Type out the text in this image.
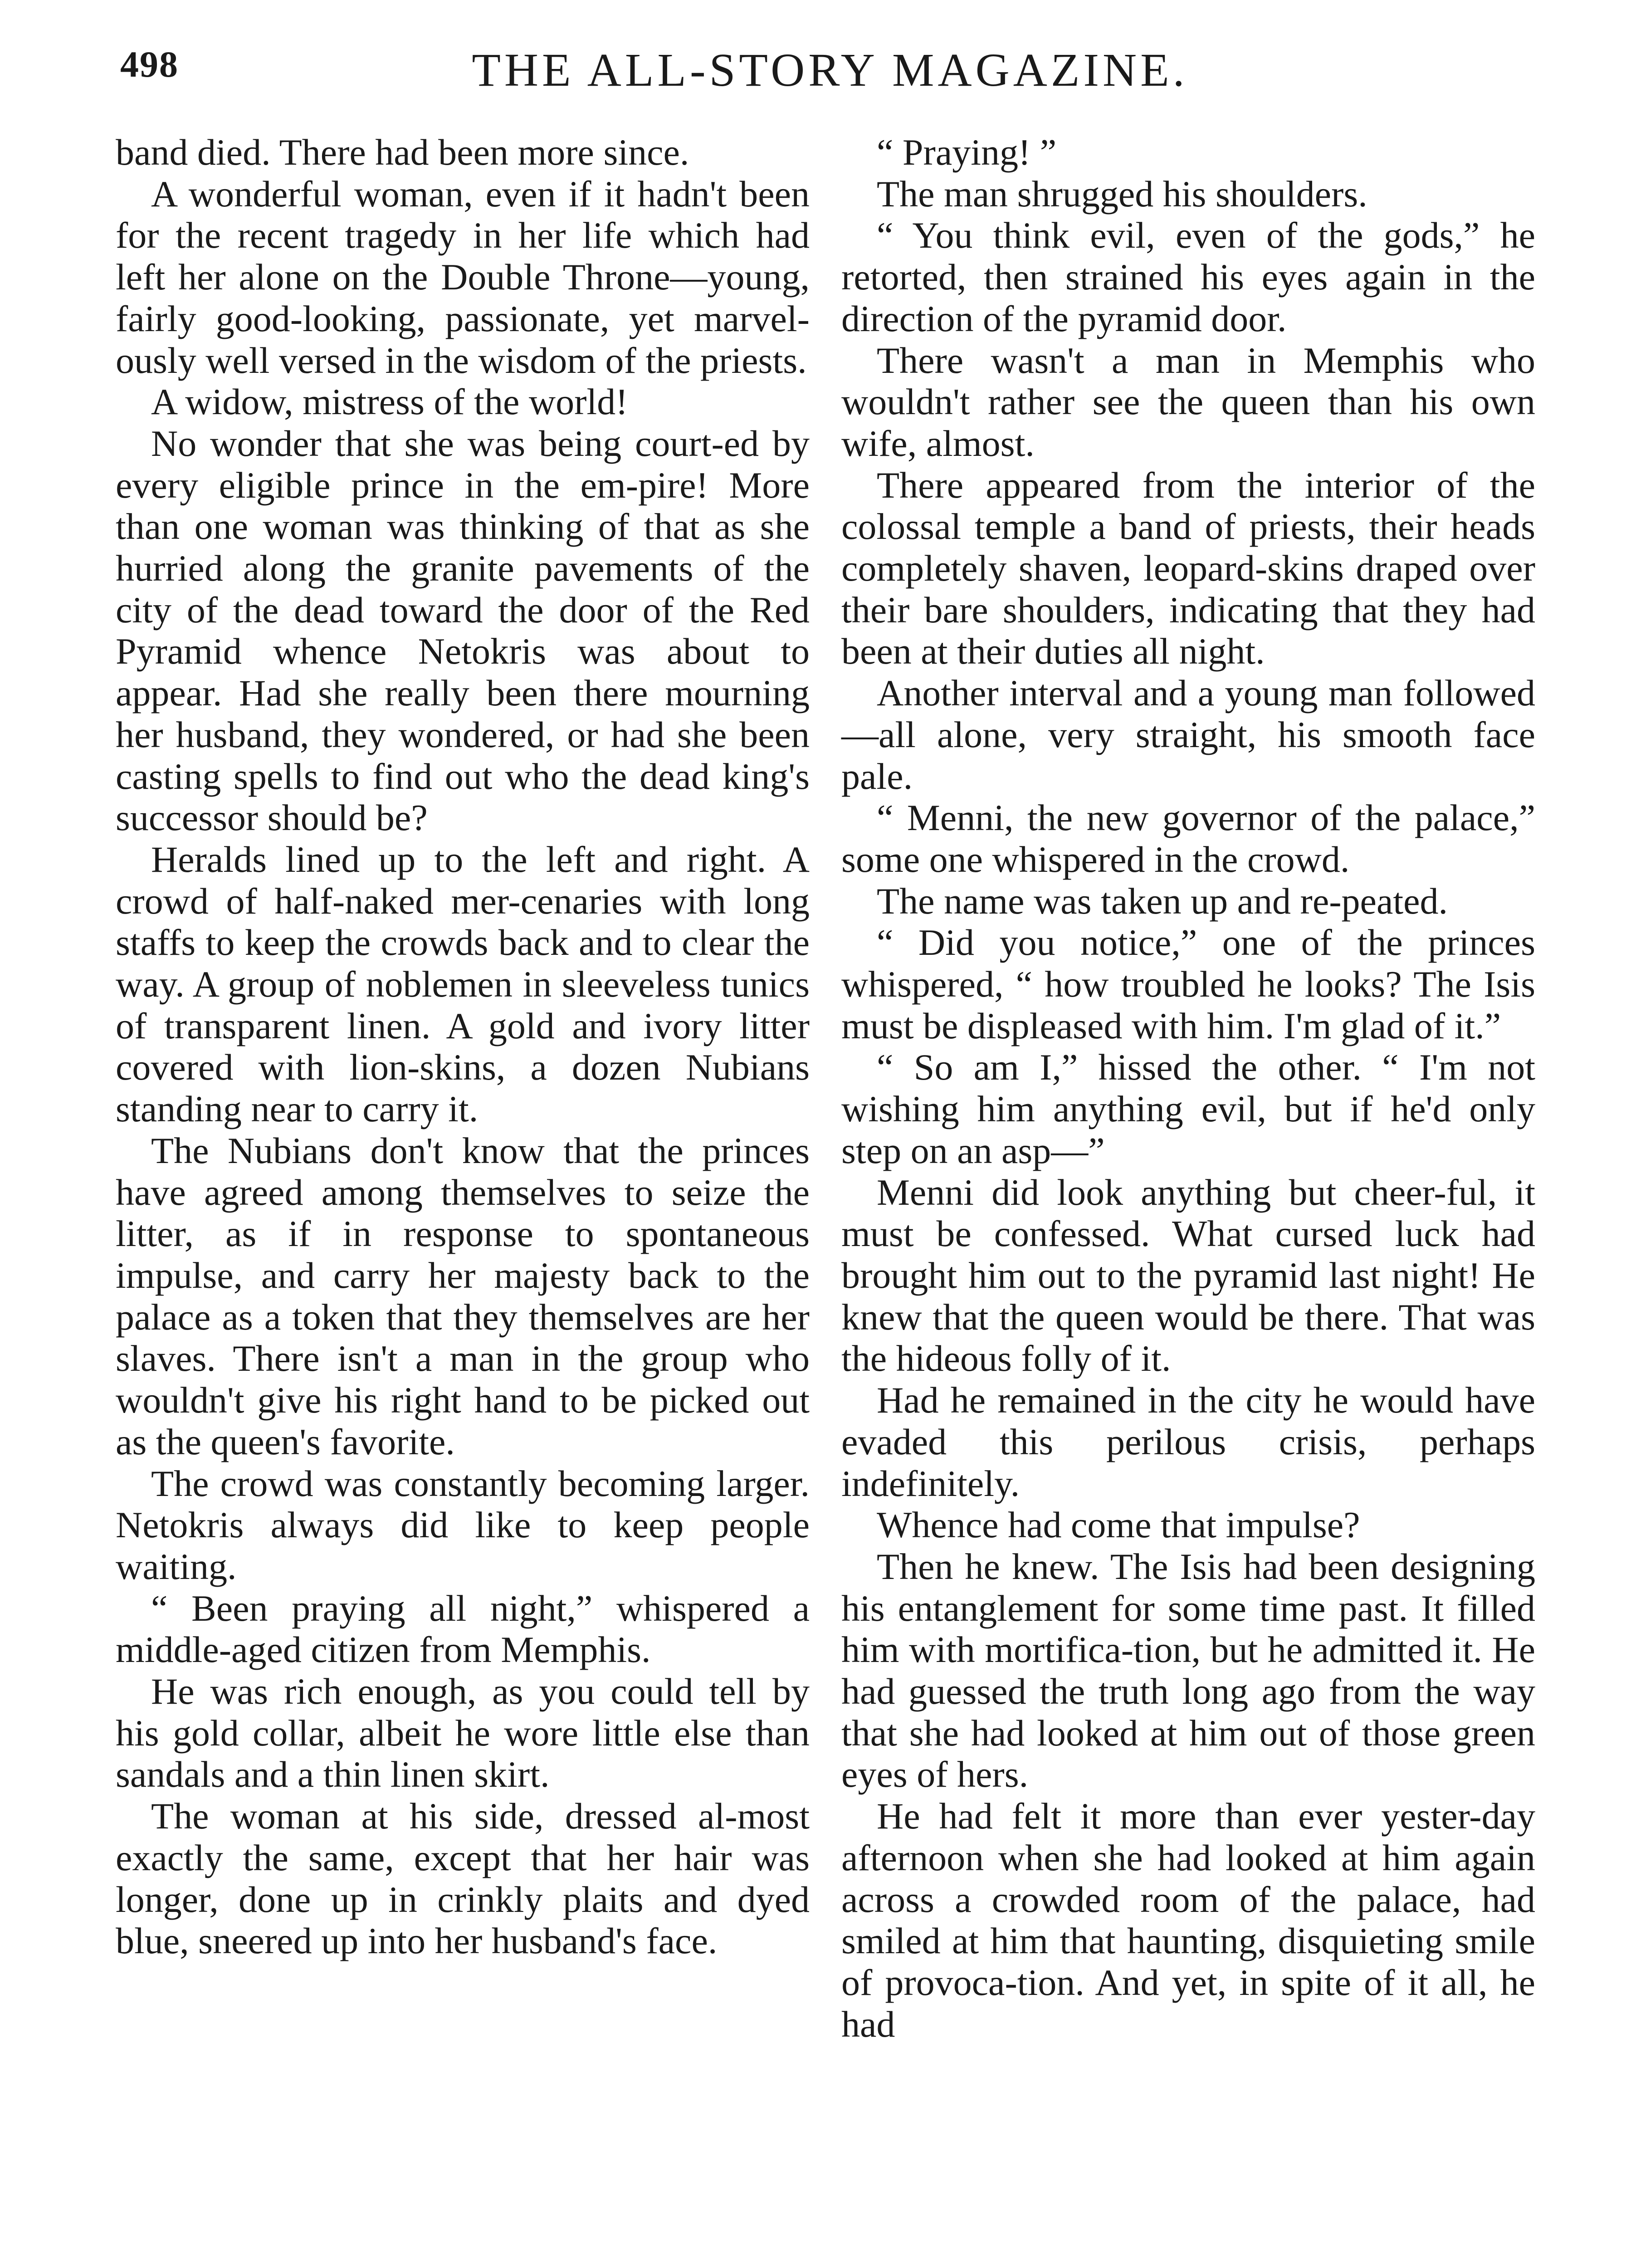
498	THE ALL-STORY MAGAZINE.

band died. There had been more since.

A wonderful woman, even if it hadn't been for the recent tragedy in her life which had left her alone on the Double Throne—young, fairly good-looking, passionate, yet marvel-ously well versed in the wisdom of the priests.

A widow, mistress of the world!

No wonder that she was being court-ed by every eligible prince in the em-pire! More than one woman was thinking of that as she hurried along the granite pavements of the city of the dead toward the door of the Red Pyramid whence Netokris was about to appear. Had she really been there mourning her husband, they wondered, or had she been casting spells to find out who the dead king's successor should be?

Heralds lined up to the left and right. A crowd of half-naked mer-cenaries with long staffs to keep the crowds back and to clear the way. A group of noblemen in sleeveless tunics of transparent linen. A gold and ivory litter covered with lion-skins, a dozen Nubians standing near to carry it.

The Nubians don't know that the princes have agreed among themselves to seize the litter, as if in response to spontaneous impulse, and carry her majesty back to the palace as a token that they themselves are her slaves. There isn't a man in the group who wouldn't give his right hand to be picked out as the queen's favorite.

The crowd was constantly becoming larger. Netokris always did like to keep people waiting.

“ Been praying all night,” whispered a middle-aged citizen from Memphis.

He was rich enough, as you could tell by his gold collar, albeit he wore little else than sandals and a thin linen skirt.

The woman at his side, dressed al-most exactly the same, except that her hair was longer, done up in crinkly plaits and dyed blue, sneered up into her husband's face.

“ Praying! ”

The man shrugged his shoulders.

“ You think evil, even of the gods,” he retorted, then strained his eyes again in the direction of the pyramid door.

There wasn't a man in Memphis who wouldn't rather see the queen than his own wife, almost.

There appeared from the interior of the colossal temple a band of priests, their heads completely shaven, leopard-skins draped over their bare shoulders, indicating that they had been at their duties all night.

Another interval and a young man followed—all alone, very straight, his smooth face pale.

“ Menni, the new governor of the palace,” some one whispered in the crowd.

The name was taken up and re-peated.

“ Did you notice,” one of the princes whispered, “ how troubled he looks? The Isis must be displeased with him. I'm glad of it.”

“ So am I,” hissed the other. “ I'm not wishing him anything evil, but if he'd only step on an asp—”

Menni did look anything but cheer-ful, it must be confessed. What cursed luck had brought him out to the pyramid last night! He knew that the queen would be there. That was the hideous folly of it.

Had he remained in the city he would have evaded this perilous crisis, perhaps indefinitely.

Whence had come that impulse?

Then he knew. The Isis had been designing his entanglement for some time past. It filled him with mortifica-tion, but he admitted it. He had guessed the truth long ago from the way that she had looked at him out of those green eyes of hers.

He had felt it more than ever yester-day afternoon when she had looked at him again across a crowded room of the palace, had smiled at him that haunting, disquieting smile of provoca-tion. And yet, in spite of it all, he had
